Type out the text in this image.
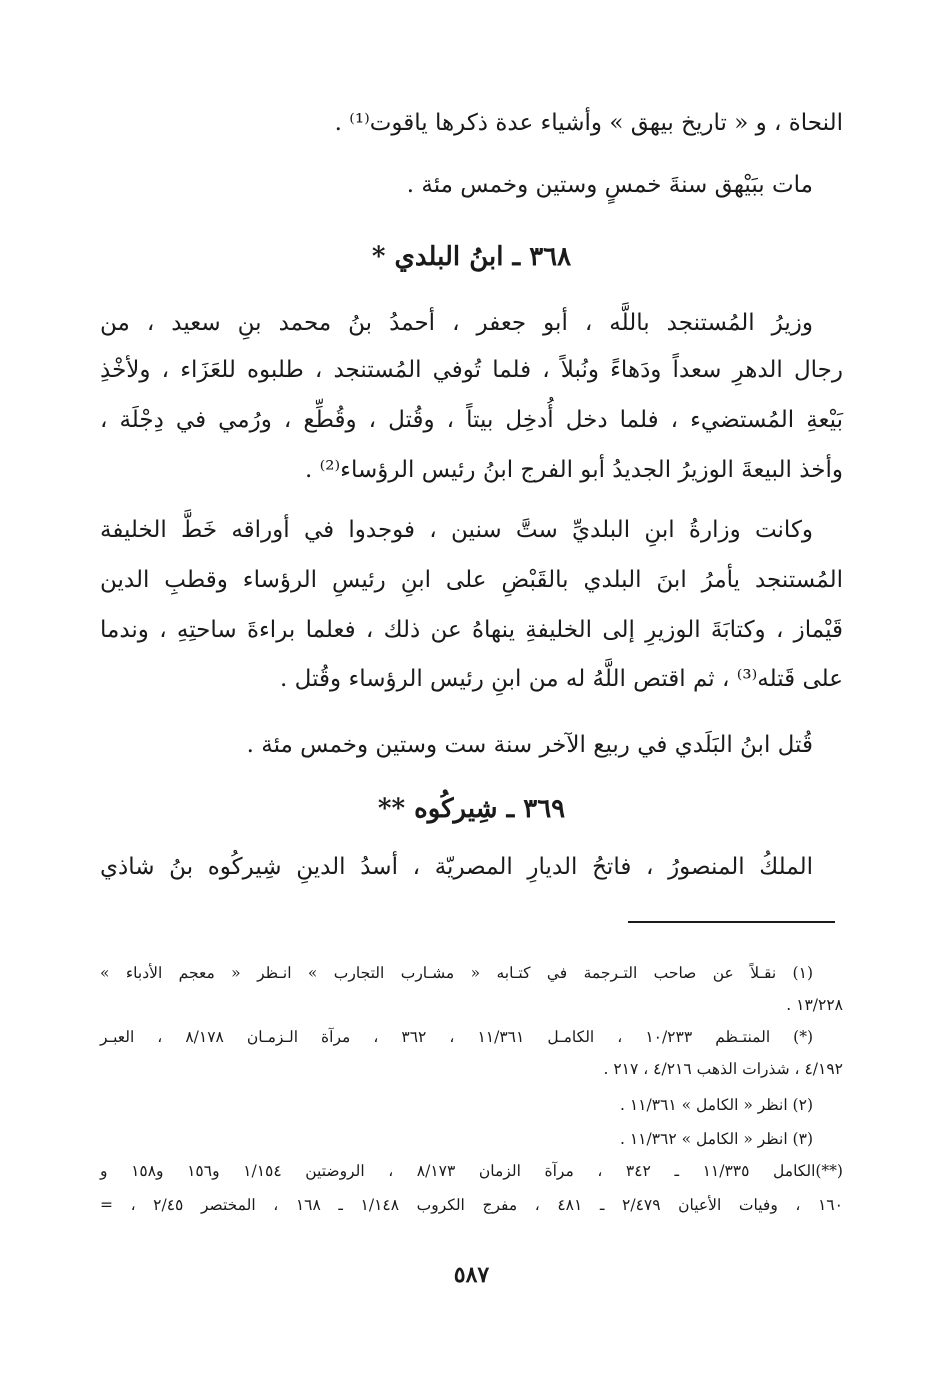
النحاة ، و « تاريخ بيهق » وأشياء عدة ذكرها ياقوت⁽¹⁾ .
مات ببَيْهق سنةَ خمسٍ وستين وخمس مئة .
٣٦٨ ـ ابنُ البلدي *
وزيرُ المُستنجد باللَّه ، أبو جعفر ، أحمدُ بنُ محمد بنِ سعيد ، من
رجال الدهرِ سعداً ودَهاءً ونُبلاً ، فلما تُوفي المُستنجد ، طلبوه للعَزَاء ، ولأخْذِ
بَيْعةِ المُستضيء ، فلما دخل أُدخِل بيتاً ، وقُتل ، وقُطِّع ، ورُمي في دِجْلَة ،
وأخذ البيعةَ الوزيرُ الجديدُ أبو الفرج ابنُ رئيس الرؤساء⁽²⁾ .
وكانت وزارةُ ابنِ البلديِّ ستَّ سنين ، فوجدوا في أوراقه خَطَّ الخليفة
المُستنجد يأمرُ ابنَ البلدي بالقَبْضِ على ابنِ رئيسِ الرؤساء وقطبِ الدين
قَيْماز ، وكتابَةَ الوزيرِ إلى الخليفةِ ينهاهُ عن ذلك ، فعلما براءةَ ساحتِهِ ، وندما
على قَتله⁽³⁾ ، ثم اقتص اللَّهُ له من ابنِ رئيس الرؤساء وقُتل .
قُتل ابنُ البَلَدي في ربيع الآخر سنة ست وستين وخمس مئة .
٣٦٩ ـ شِيركُوه **
الملكُ المنصورُ ، فاتحُ الديارِ المصريّة ، أسدُ الدينِ شِيركُوه بنُ شاذي
(١) نقـلاً عن صاحب التـرجمة في كتـابه « مشـارب التجارب » انـظر « معجم الأدباء »
١٣/٢٢٨ .
(*) المنتـظم ١٠/٢٣٣ ، الكامـل ١١/٣٦١ ، ٣٦٢ ، مرآة الـزمـان ٨/١٧٨ ، العبـر
٤/١٩٢ ، شذرات الذهب ٤/٢١٦ ، ٢١٧ .
(٢) انظر « الكامل » ١١/٣٦١ .
(٣) انظر « الكامل » ١١/٣٦٢ .
(**)الكامل ١١/٣٣٥ ـ ٣٤٢ ، مرآة الزمان ٨/١٧٣ ، الروضتين ١/١٥٤ و١٥٦ و١٥٨ و
١٦٠ ، وفيات الأعيان ٢/٤٧٩ ـ ٤٨١ ، مفرج الكروب ١/١٤٨ ـ ١٦٨ ، المختصر ٢/٤٥ ، =
٥٨٧
